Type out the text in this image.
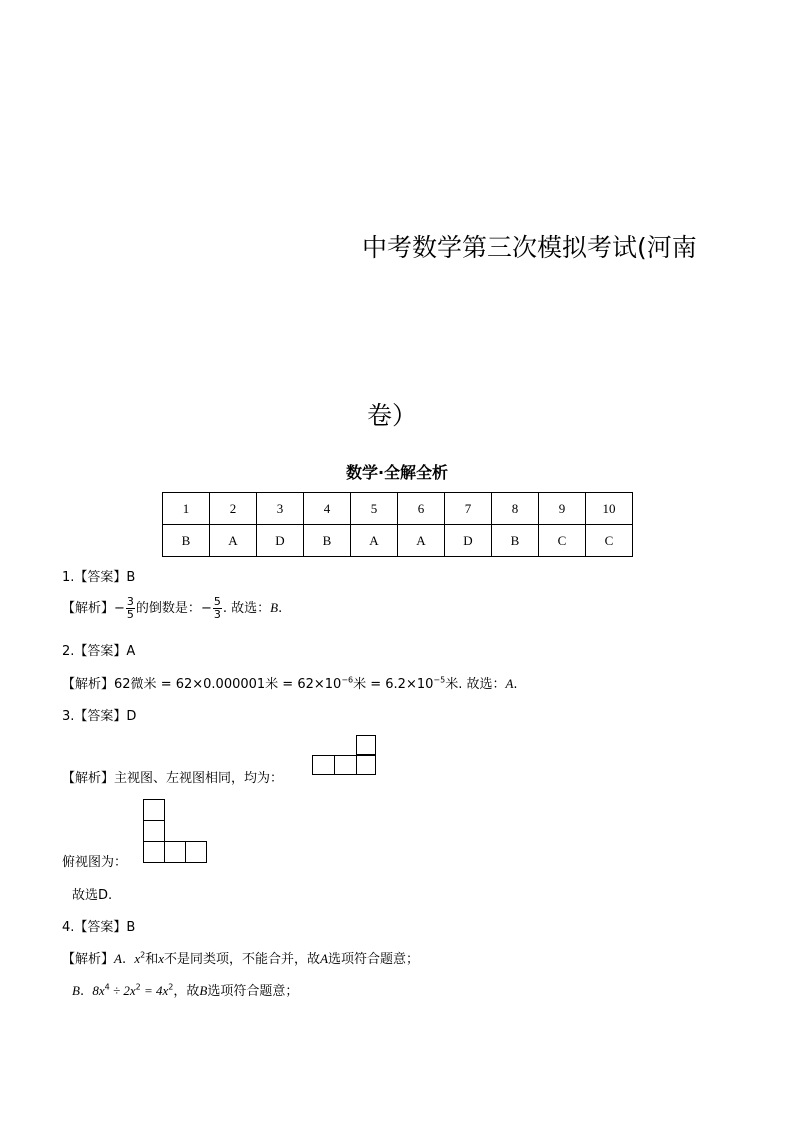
中考数学第三次模拟考试(河南
卷）
数学·全解全析
1	2	3	4	5	6	7	8	9	10
B	A	D	B	A	A	D	B	C	C
1.【答案】B
【解析】− $\frac{3}{5}$ 的倒数是：− $\frac{5}{3}$ . 故选：B.
2.【答案】A
【解析】62微米 = 62×0.000001米 = $62\times 10^{-6}$米 = $6.2\times 10^{-5}$米. 故选：A.
3.【答案】D
【解析】主视图、左视图相同，均为：
俯视图为：
故选D.
4.【答案】B
【解析】A. $x^2$和x不是同类项，不能合并，故A选项符合题意；
B. $8x^4 \div 2x^2 = 4x^2$，故B选项符合题意；
